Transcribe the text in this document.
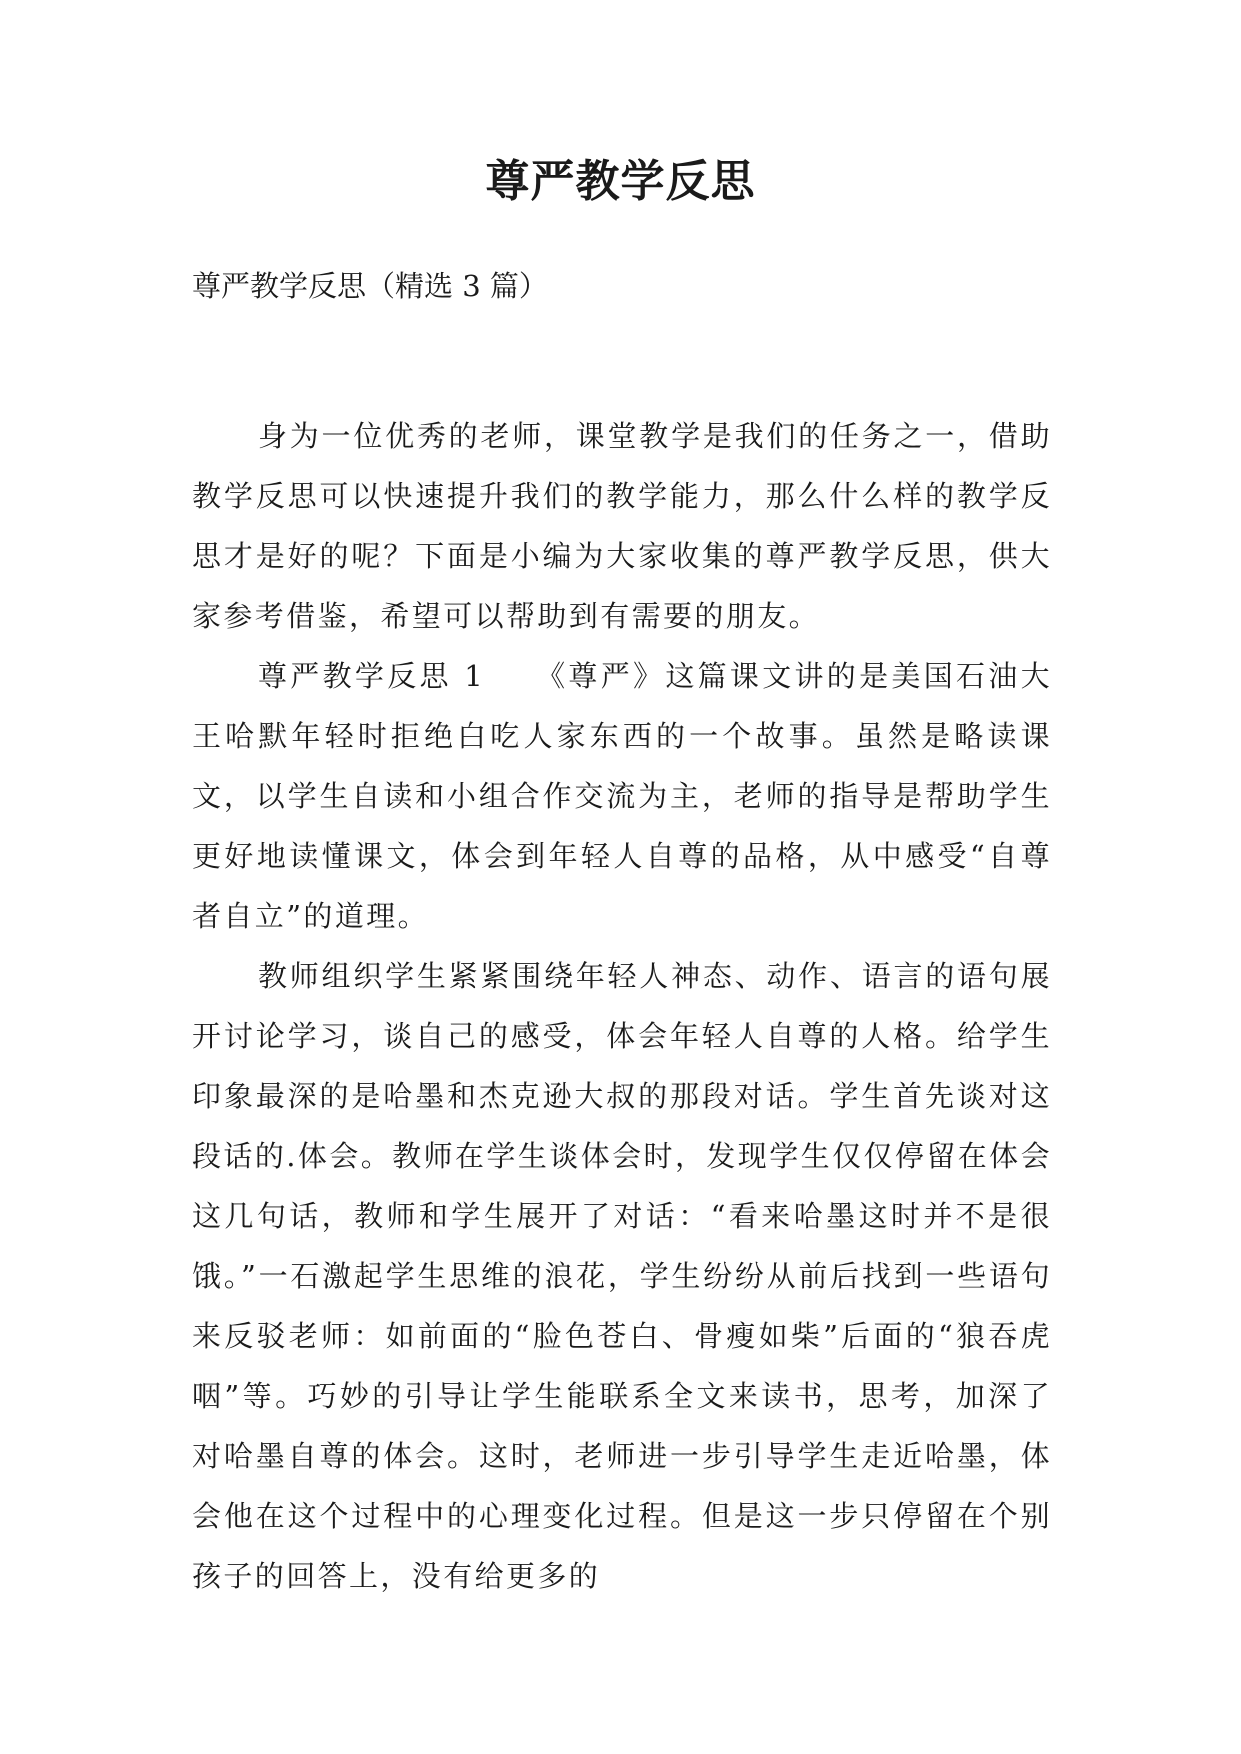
尊严教学反思
尊严教学反思（精选 3 篇）

身为一位优秀的老师，课堂教学是我们的任务之一，借助教学反思可以快速提升我们的教学能力，那么什么样的教学反思才是好的呢？下面是小编为大家收集的尊严教学反思，供大家参考借鉴，希望可以帮助到有需要的朋友。

尊严教学反思 1　　《尊严》这篇课文讲的是美国石油大王哈默年轻时拒绝白吃人家东西的一个故事。虽然是略读课文，以学生自读和小组合作交流为主，老师的指导是帮助学生更好地读懂课文，体会到年轻人自尊的品格，从中感受“自尊者自立”的道理。

教师组织学生紧紧围绕年轻人神态、动作、语言的语句展开讨论学习，谈自己的感受，体会年轻人自尊的人格。给学生印象最深的是哈墨和杰克逊大叔的那段对话。学生首先谈对这段话的.体会。教师在学生谈体会时，发现学生仅仅停留在体会这几句话，教师和学生展开了对话：“看来哈墨这时并不是很饿。”一石激起学生思维的浪花，学生纷纷从前后找到一些语句来反驳老师：如前面的“脸色苍白、骨瘦如柴”后面的“狼吞虎咽”等。巧妙的引导让学生能联系全文来读书，思考，加深了对哈墨自尊的体会。这时，老师进一步引导学生走近哈墨，体会他在这个过程中的心理变化过程。但是这一步只停留在个别孩子的回答上，没有给更多的
